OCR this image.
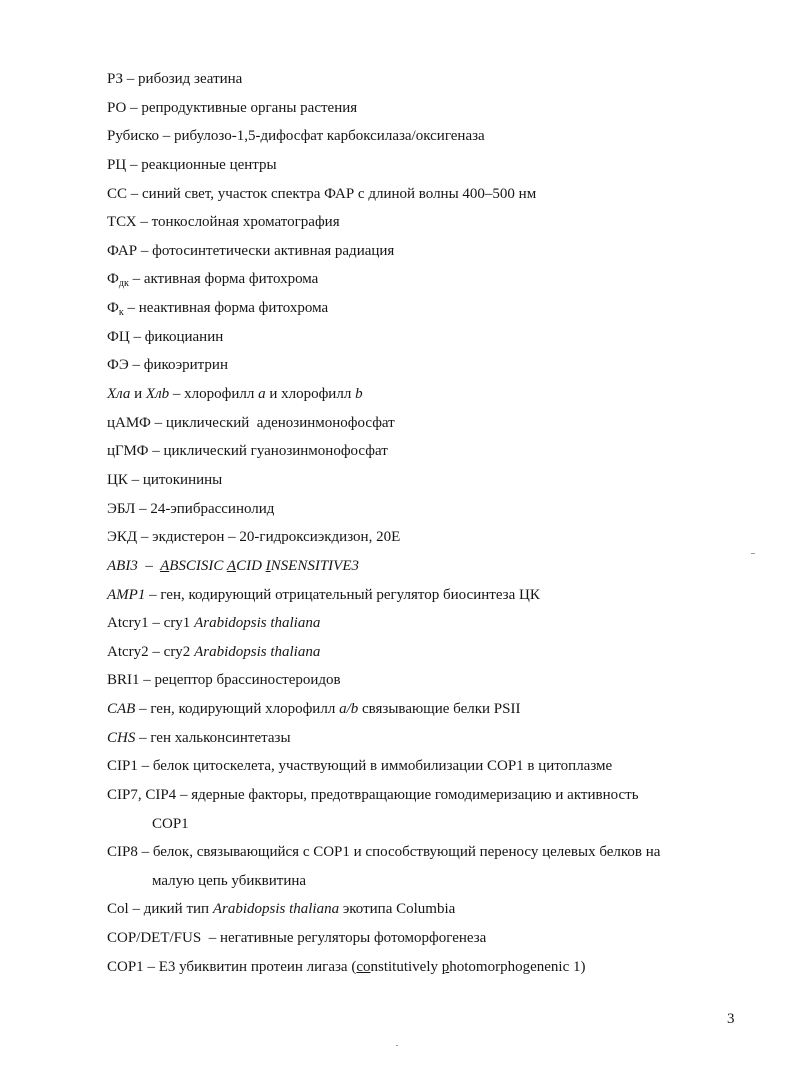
РЗ – рибозид зеатина
РО – репродуктивные органы растения
Рубиско – рибулозо-1,5-дифосфат карбоксилаза/оксигеназа
РЦ – реакционные центры
СС – синий свет, участок спектра ФАР с длиной волны 400–500 нм
ТСХ – тонкослойная хроматография
ФАР – фотосинтетически активная радиация
$Ф_{дк}$ – активная форма фитохрома
$Ф_к$ – неактивная форма фитохрома
ФЦ – фикоцианин
ФЭ – фикоэритрин
Хла и Хлb – хлорофилл a и хлорофилл b
цАМФ – циклический  аденозинмонофосфат
цГМФ – циклический гуанозинмонофосфат
ЦК – цитокинины
ЭБЛ – 24-эпибрассинолид
ЭКД – экдистерон – 20-гидроксиэкдизон, 20Е
ABI3  –  ABSCISIC ACID INSENSITIVE3
AMP1 – ген, кодирующий отрицательный регулятор биосинтеза ЦК
Atcry1 – cry1 Arabidopsis thaliana
Atcry2 – cry2 Arabidopsis thaliana
BRI1 – рецептор брассиностероидов
CAB – ген, кодирующий хлорофилл a/b связывающие белки PSII
CHS – ген хальконсинтетазы
CIP1 – белок цитоскелета, участвующий в иммобилизации COP1 в цитоплазме
CIP7, CIP4 – ядерные факторы, предотвращающие гомодимеризацию и активность
COP1
CIP8 – белок, связывающийся с COP1 и способствующий переносу целевых белков на
малую цепь убиквитина
Col – дикий тип Arabidopsis thaliana экотипа Columbia
COP/DET/FUS  – негативные регуляторы фотоморфогенеза
COP1 – E3 убиквитин протеин лигаза (constitutively photomorphogenenic 1)
3
